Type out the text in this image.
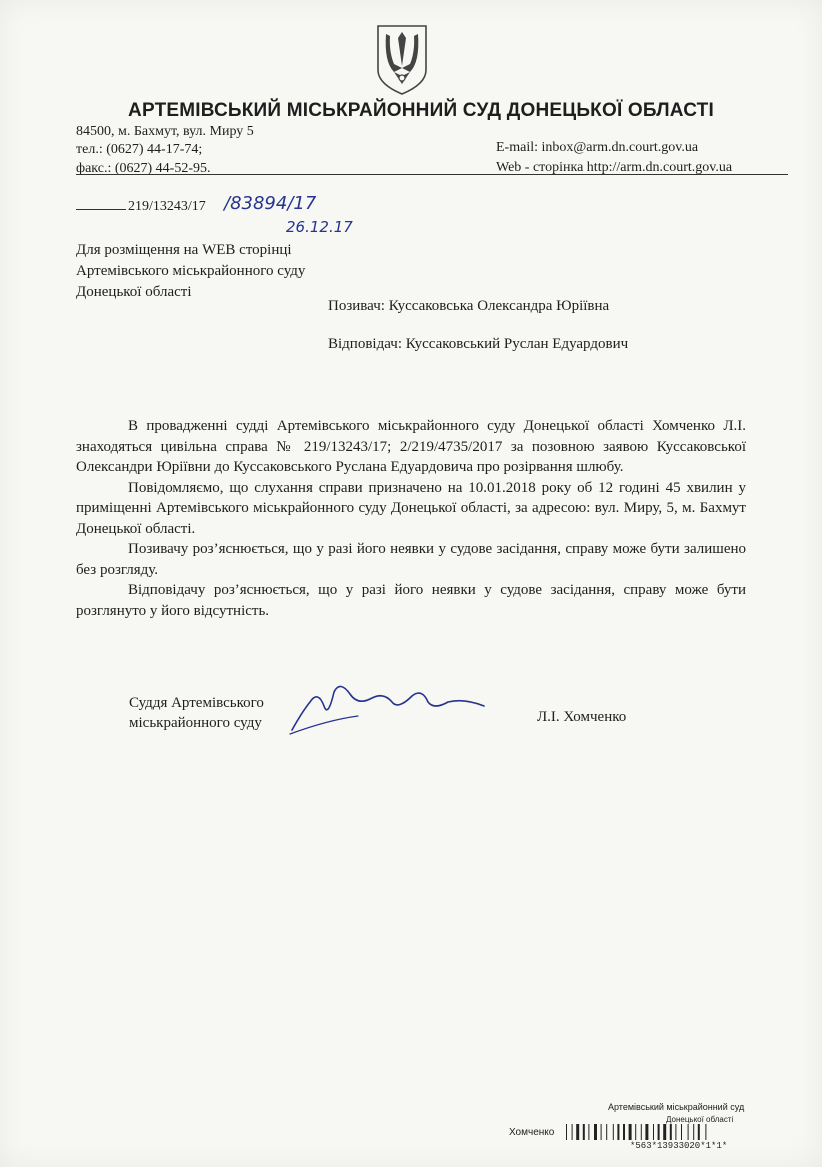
АРТЕМІВСЬКИЙ МІСЬКРАЙОННИЙ СУД ДОНЕЦЬКОЇ ОБЛАСТІ
84500, м. Бахмут, вул. Миру 5
тел.: (0627) 44-17-74;
факс.: (0627) 44-52-95.
E-mail: inbox@arm.dn.court.gov.ua
Web - сторінка http://arm.dn.court.gov.ua
219/13243/17 /83894/17
26.12.17
Для розміщення на WEB сторінці
Артемівського міськрайонного суду
Донецької області
Позивач: Куссаковська Олександра Юріївна
Відповідач: Куссаковський Руслан Едуардович

В провадженні судді Артемівського міськрайонного суду Донецької області Хомченко Л.І. знаходяться цивільна справа № 219/13243/17; 2/219/4735/2017 за позовною заявою Куссаковської Олександри Юріївни до Куссаковського Руслана Едуардовича про розірвання шлюбу.

Повідомляємо, що слухання справи призначено на 10.01.2018 року об 12 годині 45 хвилин у приміщенні Артемівського міськрайонного суду Донецької області, за адресою: вул. Миру, 5, м. Бахмут Донецької області.

Позивачу роз’яснюється, що у разі його неявки у судове засідання, справу може бути залишено без розгляду.

Відповідачу роз’яснюється, що у разі його неявки у судове засідання, справу може бути розглянуто у його відсутність.

Суддя Артемівського
міськрайонного суду	Л.І. Хомченко
Артемівський міськрайонний суд
Донецької області
Хомченко
*563*13933020*1*1*
